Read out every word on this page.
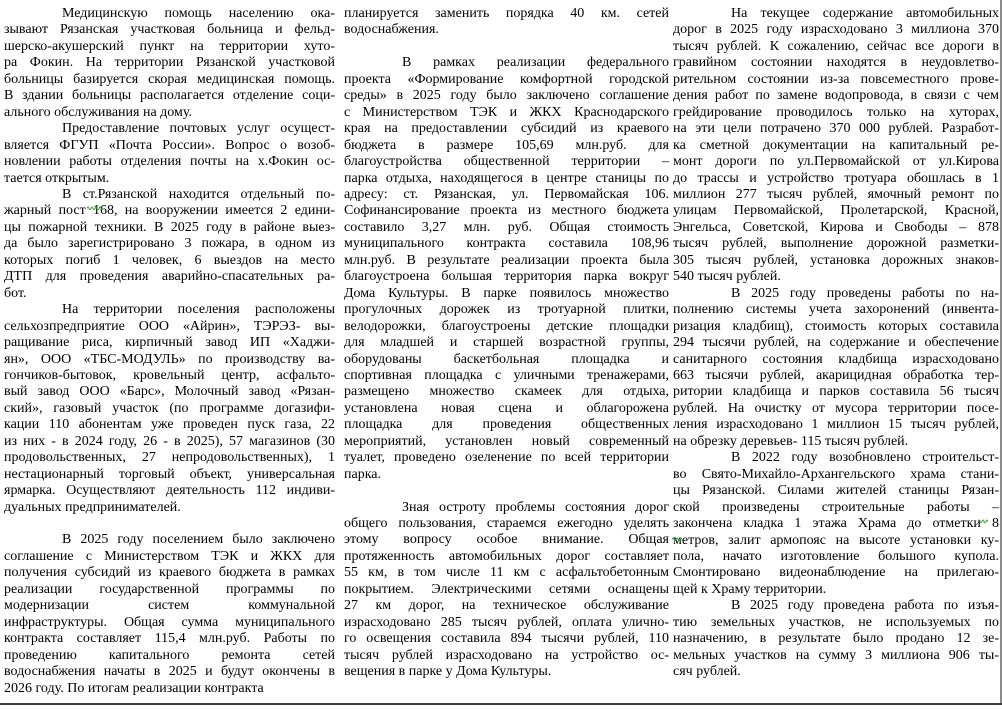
Медицинскую помощь населению ока-
зывают Рязанская участковая больница и фельд-
шерско-акушерский пункт на территории хуто-
ра Фокин. На территории Рязанской участковой
больницы базируется скорая медицинская помощь.
В здании больницы располагается отделение соци-
ального обслуживания на дому.
Предоставление почтовых услуг осущест-
вляется ФГУП «Почта России». Вопрос о возоб-
новлении работы отделения почты на х.Фокин ос-
тается открытым.
В ст.Рязанской находится отдельный по-
жарный пост 168, на вооружении имеется 2 едини-
цы пожарной техники. В 2025 году в районе выез-
да было зарегистрировано 3 пожара, в одном из
которых погиб 1 человек, 6 выездов на место
ДТП для проведения аварийно-спасательных ра-
бот.
На территории поселения расположены
сельхозпредприятие ООО «Айрин», ТЭРЭЗ- вы-
ращивание риса, кирпичный завод ИП «Хаджи-
ян», ООО «ТБС-МОДУЛЬ» по производству ва-
гончиков-бытовок, кровельный центр, асфальто-
вый завод ООО «Барс», Молочный завод «Рязан-
ский», газовый участок (по программе догазифи-
кации 110 абонентам уже проведен пуск газа, 22
из них - в 2024 году, 26 - в 2025), 57 магазинов (30
продовольственных, 27 непродовольственных), 1
нестационарный торговый объект, универсальная
ярмарка. Осуществляют деятельность 112 индиви-
дуальных предпринимателей.
В 2025 году поселением было заключено
соглашение с Министерством ТЭК и ЖКХ для
получения субсидий из краевого бюджета в рамках
реализации государственной программы по
модернизации систем коммунальной
инфраструктуры. Общая сумма муниципального
контракта составляет 115,4 млн.руб. Работы по
проведению капитального ремонта сетей
водоснабжения начаты в 2025 и будут окончены в
2026 году. По итогам реализации контракта
планируется заменить порядка 40 км. сетей
водоснабжения.
В рамках реализации федерального
проекта «Формирование комфортной городской
среды» в 2025 году было заключено соглашение
с Министерством ТЭК и ЖКХ Краснодарского
края на предоставлении субсидий из краевого
бюджета в размере 105,69 млн.руб. для
благоустройства общественной территории –
парка отдыха, находящегося в центре станицы по
адресу: ст. Рязанская, ул. Первомайская 106.
Софинансирование проекта из местного бюджета
составило 3,27 млн. руб. Общая стоимость
муниципального контракта составила 108,96
млн.руб. В результате реализации проекта была
благоустроена большая территория парка вокруг
Дома Культуры. В парке появилось множество
прогулочных дорожек из тротуарной плитки,
велодорожки, благоустроены детские площадки
для младшей и старшей возрастной группы,
оборудованы баскетбольная площадка и
спортивная площадка с уличными тренажерами,
размещено множество скамеек для отдыха,
установлена новая сцена и облагорожена
площадка для проведения общественных
мероприятий, установлен новый современный
туалет, проведено озеленение по всей территории
парка.
Зная остроту проблемы состояния дорог
общего пользования, стараемся ежегодно уделять
этому вопросу особое внимание. Общая
протяженность автомобильных дорог составляет
55 км, в том числе 11 км с асфальтобетонным
покрытием. Электрическими сетями оснащены
27 км дорог, на техническое обслуживание
израсходовано 285 тысяч рублей, оплата улично-
го освещения составила 894 тысячи рублей, 110
тысяч рублей израсходовано на устройство ос-
вещения в парке у Дома Культуры.
На текущее содержание автомобильных
дорог в 2025 году израсходовано 3 миллиона 370
тысяч рублей. К сожалению, сейчас все дороги в
гравийном состоянии находятся в неудовлетво-
рительном состоянии из-за повсеместного прове-
дения работ по замене водопровода, в связи с чем
грейдирование проводилось только на хуторах,
на эти цели потрачено 370 000 рублей. Разработ-
ка сметной документации на капитальный ре-
монт дороги по ул.Первомайской от ул.Кирова
до трассы и устройство тротуара обошлась в 1
миллион 277 тысяч рублей, ямочный ремонт по
улицам Первомайской, Пролетарской, Красной,
Энгельса, Советской, Кирова и Свободы – 878
тысяч рублей, выполнение дорожной разметки-
305 тысяч рублей, установка дорожных знаков-
540 тысяч рублей.
В 2025 году проведены работы по на-
полнению системы учета захоронений (инвента-
ризация кладбищ), стоимость которых составила
294 тысячи рублей, на содержание и обеспечение
санитарного состояния кладбища израсходовано
663 тысячи рублей, акарицидная обработка тер-
ритории кладбища и парков составила 56 тысяч
рублей. На очистку от мусора территории посе-
ления израсходовано 1 миллион 15 тысяч рублей,
на обрезку деревьев- 115 тысяч рублей.
В 2022 году возобновлено строительст-
во Свято-Михайло-Архангельского храма стани-
цы Рязанской. Силами жителей станицы Рязан-
ской произведены строительные работы –
закончена кладка 1 этажа Храма до отметки 8
метров, залит армопояс на высоте установки ку-
пола, начато изготовление большого купола.
Смонтировано видеонаблюдение на прилегаю-
щей к Храму территории.
В 2025 году проведена работа по изъя-
тию земельных участков, не используемых по
назначению, в результате было продано 12 зе-
мельных участков на сумму 3 миллиона 906 ты-
сяч рублей.
